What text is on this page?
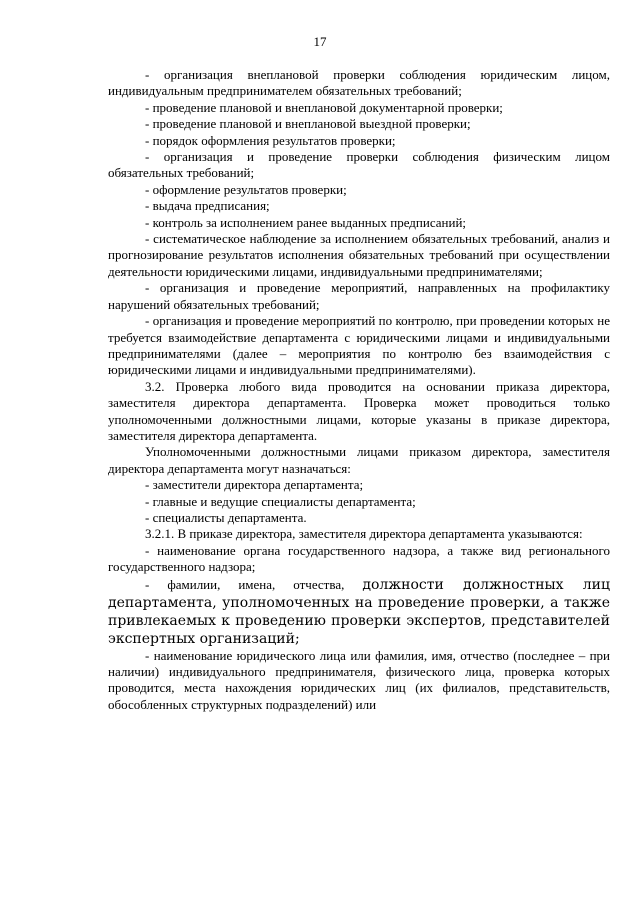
17

- организация внеплановой проверки соблюдения юридическим лицом, индивидуальным предпринимателем обязательных требований;

- проведение плановой и внеплановой документарной проверки;

- проведение плановой и внеплановой выездной проверки;

- порядок оформления результатов проверки;

- организация и проведение проверки соблюдения физическим лицом обязательных требований;

- оформление результатов проверки;

- выдача предписания;

- контроль за исполнением ранее выданных предписаний;

- систематическое наблюдение за исполнением обязательных требований, анализ и прогнозирование результатов исполнения обязательных требований при осуществлении деятельности юридическими лицами, индивидуальными предпринимателями;

- организация и проведение мероприятий, направленных на профилактику нарушений обязательных требований;

- организация и проведение мероприятий по контролю, при проведении которых не требуется взаимодействие департамента с юридическими лицами и индивидуальными предпринимателями (далее – мероприятия по контролю без взаимодействия с юридическими лицами и индивидуальными предпринимателями).

3.2. Проверка любого вида проводится на основании приказа директора, заместителя директора департамента. Проверка может проводиться только уполномоченными должностными лицами, которые указаны в приказе директора, заместителя директора департамента.

Уполномоченными должностными лицами приказом директора, заместителя директора департамента могут назначаться:

- заместители директора департамента;

- главные и ведущие специалисты департамента;

- специалисты департамента.

3.2.1. В приказе директора, заместителя директора департамента указываются:

- наименование органа государственного надзора, а также вид регионального государственного надзора;

- фамилии, имена, отчества, должности должностных лиц департамента, уполномоченных на проведение проверки, а также привлекаемых к проведению проверки экспертов, представителей экспертных организаций;

- наименование юридического лица или фамилия, имя, отчество (последнее – при наличии) индивидуального предпринимателя, физического лица, проверка которых проводится, места нахождения юридических лиц (их филиалов, представительств, обособленных структурных подразделений) или
